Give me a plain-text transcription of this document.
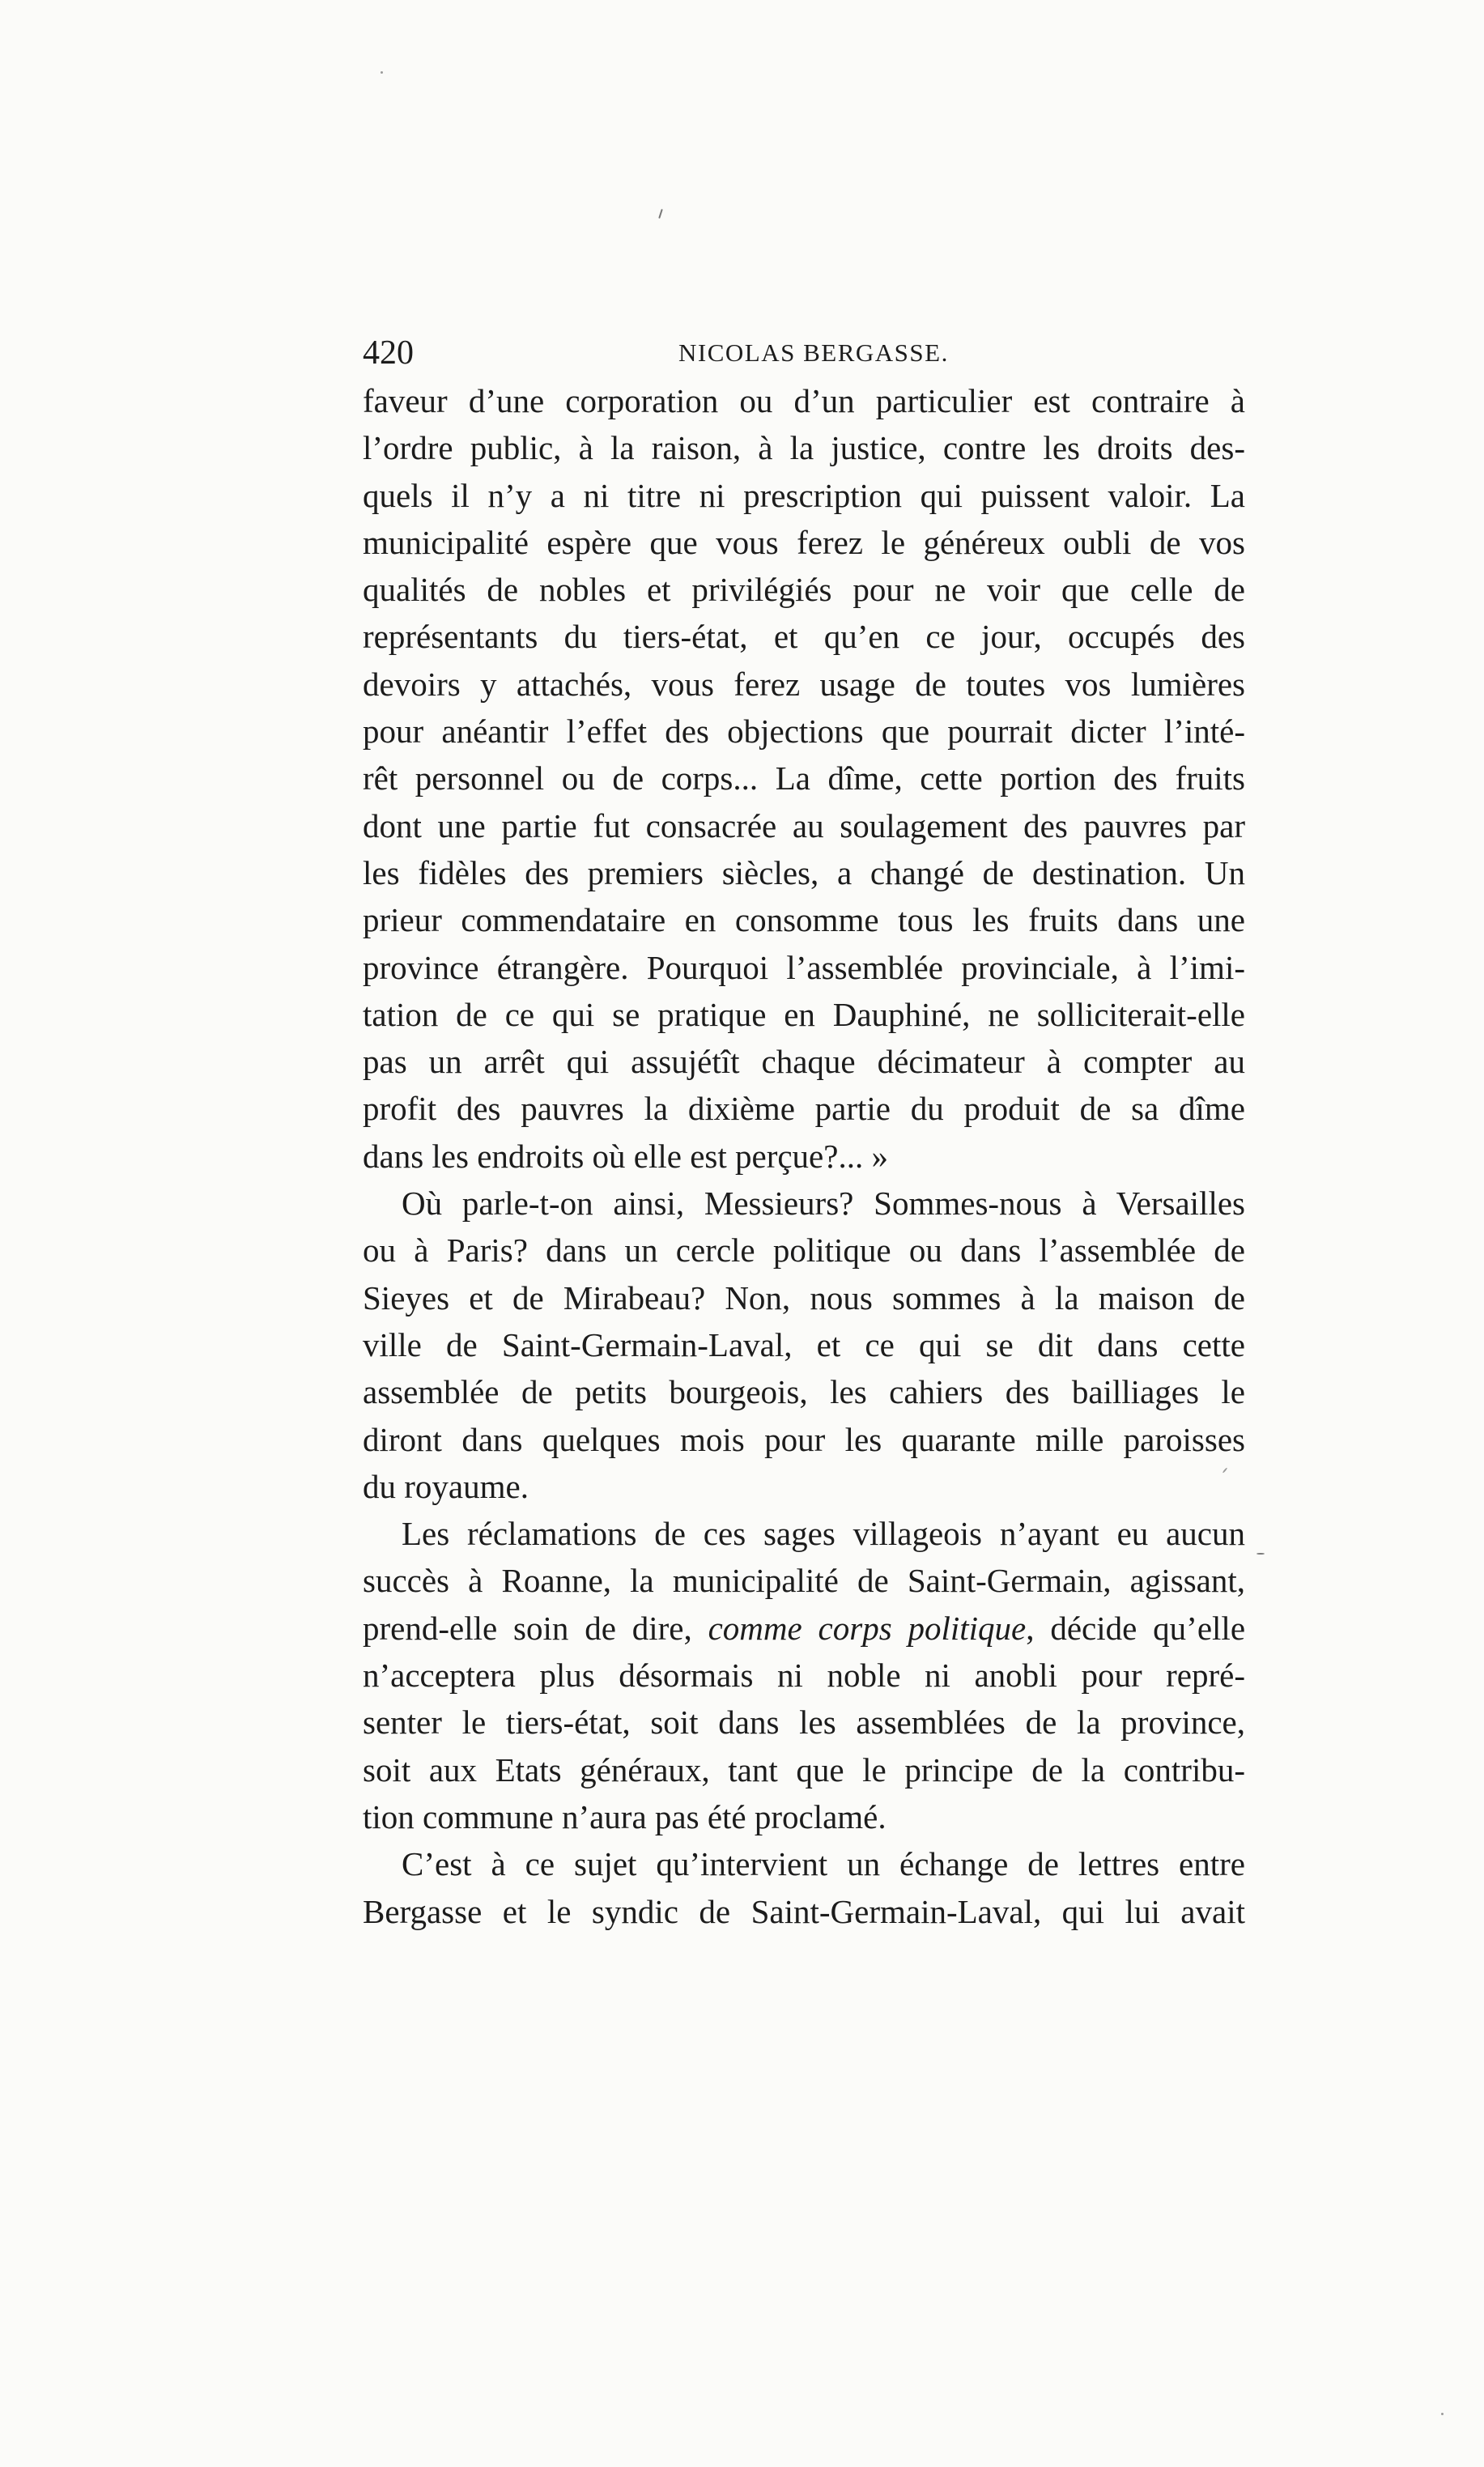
420	NICOLAS BERGASSE.
faveur d’une corporation ou d’un particulier est contraire à
l’ordre public, à la raison, à la justice, contre les droits des-
quels il n’y a ni titre ni prescription qui puissent valoir. La
municipalité espère que vous ferez le généreux oubli de vos
qualités de nobles et privilégiés pour ne voir que celle de
représentants du tiers-état, et qu’en ce jour, occupés des
devoirs y attachés, vous ferez usage de toutes vos lumières
pour anéantir l’effet des objections que pourrait dicter l’inté-
rêt personnel ou de corps... La dîme, cette portion des fruits
dont une partie fut consacrée au soulagement des pauvres par
les fidèles des premiers siècles, a changé de destination. Un
prieur commendataire en consomme tous les fruits dans une
province étrangère. Pourquoi l’assemblée provinciale, à l’imi-
tation de ce qui se pratique en Dauphiné, ne solliciterait-elle
pas un arrêt qui assujétît chaque décimateur à compter au
profit des pauvres la dixième partie du produit de sa dîme
dans les endroits où elle est perçue?... »
Où parle-t-on ainsi, Messieurs? Sommes-nous à Versailles
ou à Paris? dans un cercle politique ou dans l’assemblée de
Sieyes et de Mirabeau? Non, nous sommes à la maison de
ville de Saint-Germain-Laval, et ce qui se dit dans cette
assemblée de petits bourgeois, les cahiers des bailliages le
diront dans quelques mois pour les quarante mille paroisses
du royaume.
Les réclamations de ces sages villageois n’ayant eu aucun
succès à Roanne, la municipalité de Saint-Germain, agissant,
prend-elle soin de dire, comme corps politique, décide qu’elle
n’acceptera plus désormais ni noble ni anobli pour repré-
senter le tiers-état, soit dans les assemblées de la province,
soit aux Etats généraux, tant que le principe de la contribu-
tion commune n’aura pas été proclamé.
C’est à ce sujet qu’intervient un échange de lettres entre
Bergasse et le syndic de Saint-Germain-Laval, qui lui avait
